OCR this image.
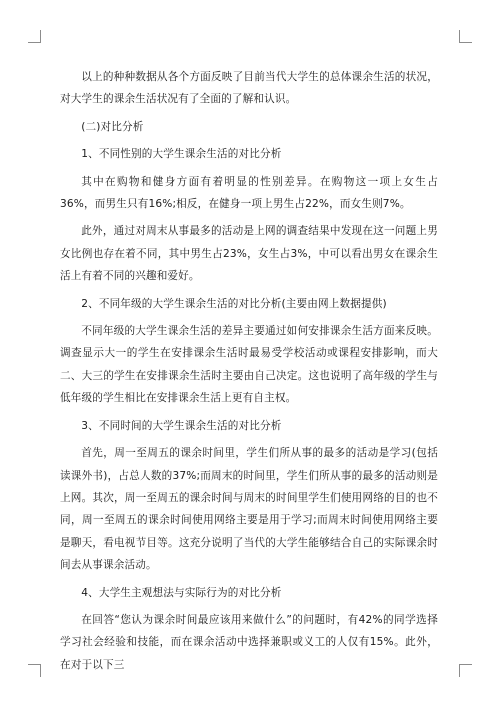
以上的种种数据从各个方面反映了目前当代大学生的总体课余生活的状况，对大学生的课余生活状况有了全面的了解和认识。

(二)对比分析

1、不同性别的大学生课余生活的对比分析

其中在购物和健身方面有着明显的性别差异。在购物这一项上女生占36%，而男生只有16%;相反，在健身一项上男生占22%，而女生则7%。

此外，通过对周末从事最多的活动是上网的调查结果中发现在这一问题上男女比例也存在着不同，其中男生占23%，女生占3%，中可以看出男女在课余生活上有着不同的兴趣和爱好。

2、不同年级的大学生课余生活的对比分析(主要由网上数据提供)

不同年级的大学生课余生活的差异主要通过如何安排课余生活方面来反映。调查显示大一的学生在安排课余生活时最易受学校活动或课程安排影响，而大二、大三的学生在安排课余生活时主要由自己决定。这也说明了高年级的学生与低年级的学生相比在安排课余生活上更有自主权。

3、不同时间的大学生课余生活的对比分析

首先，周一至周五的课余时间里，学生们所从事的最多的活动是学习(包括读课外书)，占总人数的37%;而周末的时间里，学生们所从事的最多的活动则是上网。其次，周一至周五的课余时间与周末的时间里学生们使用网络的目的也不同，周一至周五的课余时间使用网络主要是用于学习;而周末时间使用网络主要是聊天，看电视节目等。这充分说明了当代的大学生能够结合自己的实际课余时间去从事课余活动。

4、大学生主观想法与实际行为的对比分析

在回答“您认为课余时间最应该用来做什么”的问题时，有42%的同学选择学习社会经验和技能，而在课余活动中选择兼职或义工的人仅有15%。此外，在对于以下三
